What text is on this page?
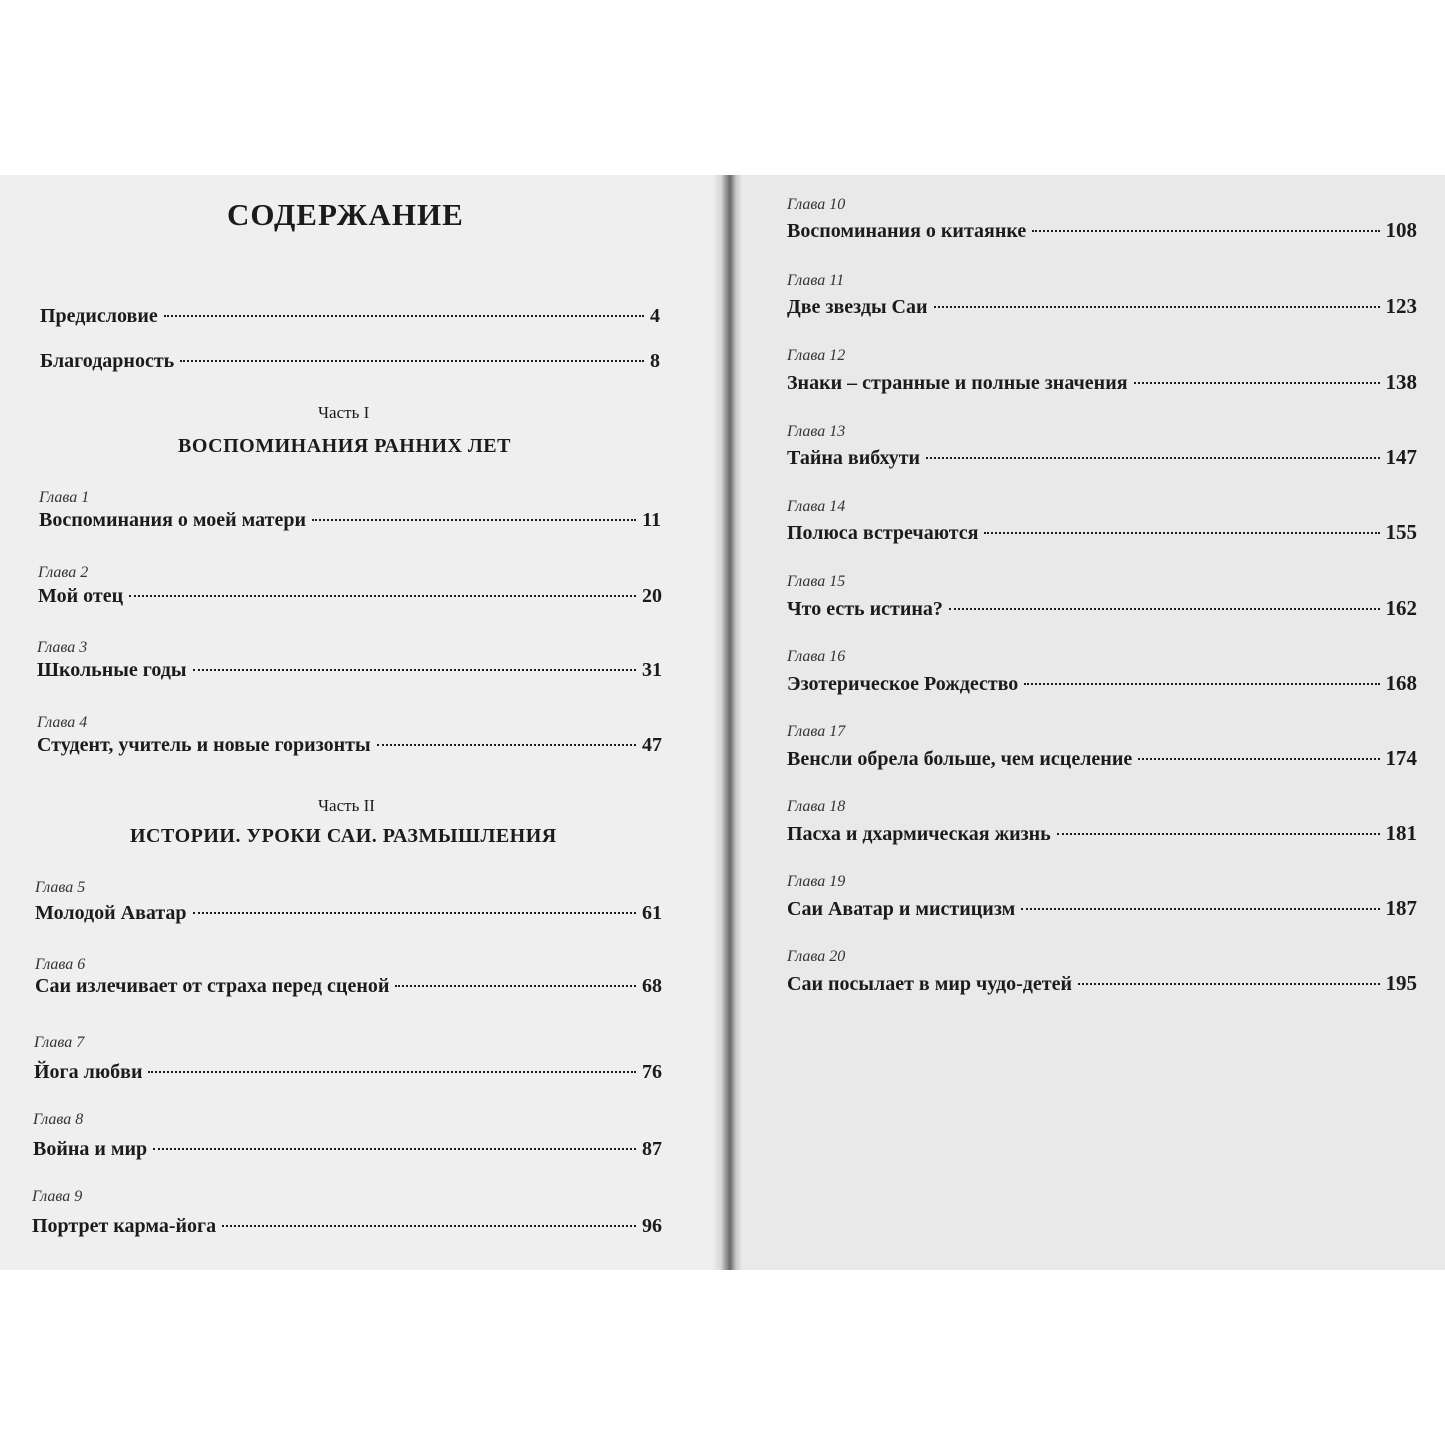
СОДЕРЖАНИЕ
Предисловие	4
Благодарность	8
Часть I
ВОСПОМИНАНИЯ РАННИХ ЛЕТ
Глава 1
Воспоминания о моей матери	11
Глава 2
Мой отец	20
Глава 3
Школьные годы	31
Глава 4
Студент, учитель и новые горизонты	47
Часть II
ИСТОРИИ. УРОКИ САИ. РАЗМЫШЛЕНИЯ
Глава 5
Молодой Аватар	61
Глава 6
Саи излечивает от страха перед сценой	68
Глава 7
Йога любви	76
Глава 8
Война и мир	87
Глава 9
Портрет карма-йога	96
Глава 10
Воспоминания о китаянке	108
Глава 11
Две звезды Саи	123
Глава 12
Знаки – странные и полные значения	138
Глава 13
Тайна вибхути	147
Глава 14
Полюса встречаются	155
Глава 15
Что есть истина?	162
Глава 16
Эзотерическое Рождество	168
Глава 17
Венсли обрела больше, чем исцеление	174
Глава 18
Пасха и дхармическая жизнь	181
Глава 19
Саи Аватар и мистицизм	187
Глава 20
Саи посылает в мир чудо-детей	195
